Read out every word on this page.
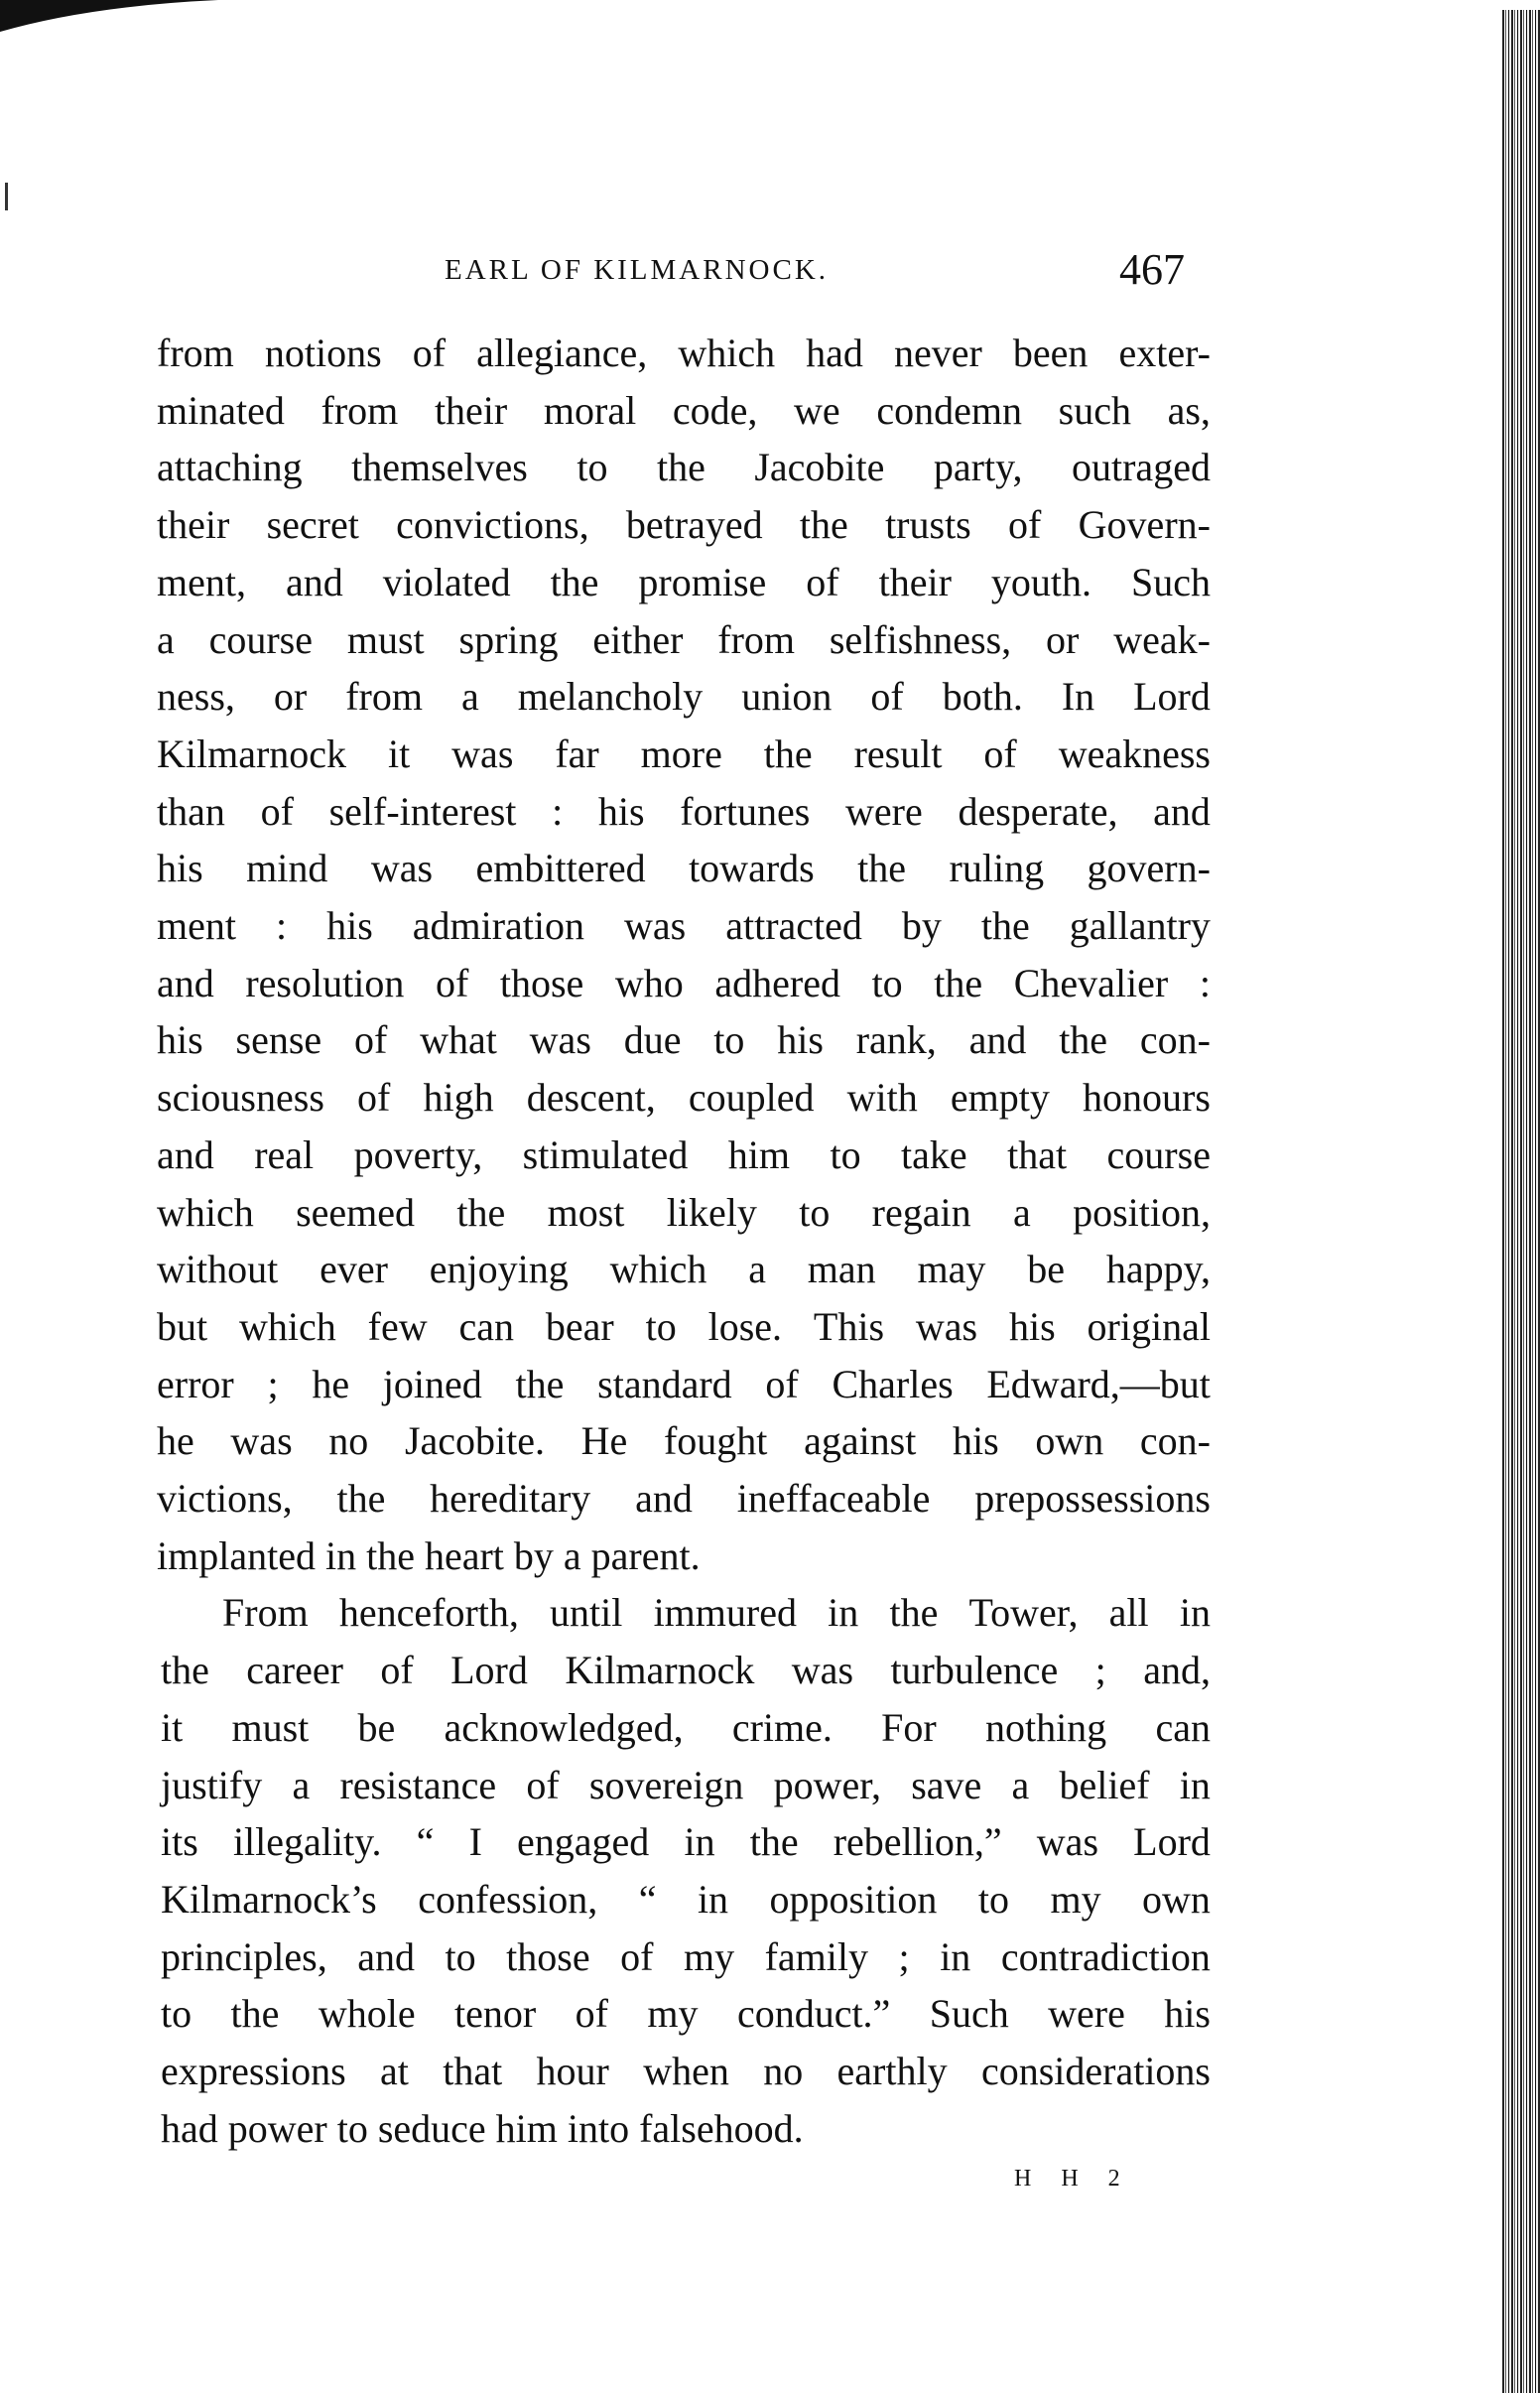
EARL OF KILMARNOCK.	467
from notions of allegiance, which had never been exter-
minated from their moral code, we condemn such as,
attaching themselves to the Jacobite party, outraged
their secret convictions, betrayed the trusts of Govern-
ment, and violated the promise of their youth. Such
a course must spring either from selfishness, or weak-
ness, or from a melancholy union of both. In Lord
Kilmarnock it was far more the result of weakness
than of self-interest : his fortunes were desperate, and
his mind was embittered towards the ruling govern-
ment : his admiration was attracted by the gallantry
and resolution of those who adhered to the Chevalier :
his sense of what was due to his rank, and the con-
sciousness of high descent, coupled with empty honours
and real poverty, stimulated him to take that course
which seemed the most likely to regain a position,
without ever enjoying which a man may be happy,
but which few can bear to lose. This was his original
error ; he joined the standard of Charles Edward,—but
he was no Jacobite. He fought against his own con-
victions, the hereditary and ineffaceable prepossessions
implanted in the heart by a parent.
From henceforth, until immured in the Tower, all in
the career of Lord Kilmarnock was turbulence ; and,
it must be acknowledged, crime. For nothing can
justify a resistance of sovereign power, save a belief in
its illegality. “ I engaged in the rebellion,” was Lord
Kilmarnock’s confession, “ in opposition to my own
principles, and to those of my family ; in contradiction
to the whole tenor of my conduct.” Such were his
expressions at that hour when no earthly considerations
had power to seduce him into falsehood.
H H 2
